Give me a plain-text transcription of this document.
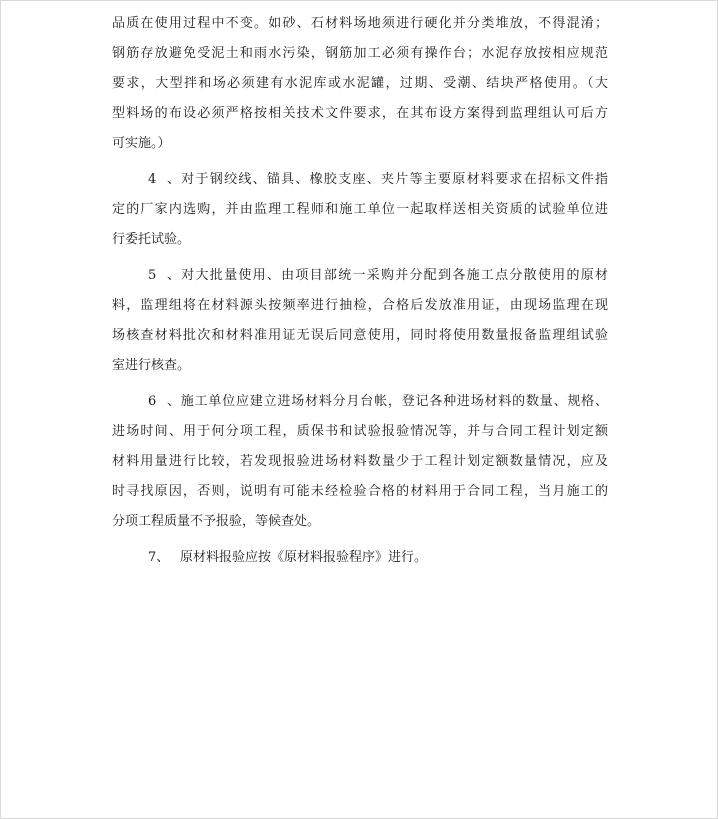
品质在使用过程中不变。如砂、石材料场地须进行硬化并分类堆放，不得混淆；
钢筋存放避免受泥土和雨水污染，钢筋加工必须有操作台；水泥存放按相应规范
要求，大型拌和场必须建有水泥库或水泥罐，过期、受潮、结块严格使用。（大
型料场的布设必须严格按相关技术文件要求，在其布设方案得到监理组认可后方
可实施。）
4、对于钢绞线、锚具、橡胶支座、夹片等主要原材料要求在招标文件指
定的厂家内选购，并由监理工程师和施工单位一起取样送相关资质的试验单位进
行委托试验。
5、对大批量使用、由项目部统一采购并分配到各施工点分散使用的原材
料，监理组将在材料源头按频率进行抽检，合格后发放准用证，由现场监理在现
场核查材料批次和材料准用证无误后同意使用，同时将使用数量报备监理组试验
室进行核查。
6、施工单位应建立进场材料分月台帐，登记各种进场材料的数量、规格、
进场时间、用于何分项工程，质保书和试验报验情况等，并与合同工程计划定额
材料用量进行比较，若发现报验进场材料数量少于工程计划定额数量情况，应及
时寻找原因，否则，说明有可能未经检验合格的材料用于合同工程，当月施工的
分项工程质量不予报验，等候查处。
7、 原材料报验应按《原材料报验程序》进行。
